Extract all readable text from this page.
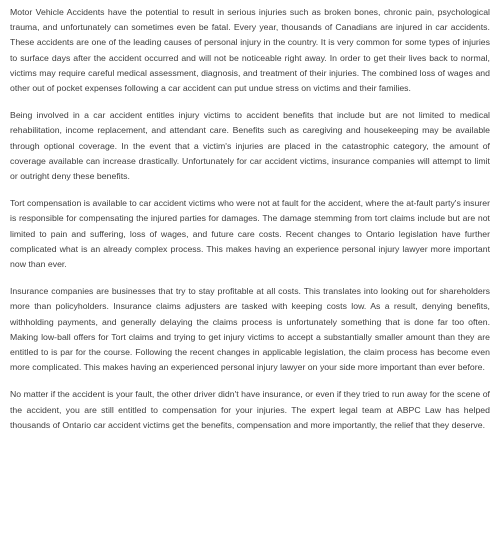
Motor Vehicle Accidents have the potential to result in serious injuries such as broken bones, chronic pain, psychological trauma, and unfortunately can sometimes even be fatal. Every year, thousands of Canadians are injured in car accidents. These accidents are one of the leading causes of personal injury in the country. It is very common for some types of injuries to surface days after the accident occurred and will not be noticeable right away. In order to get their lives back to normal, victims may require careful medical assessment, diagnosis, and treatment of their injuries. The combined loss of wages and other out of pocket expenses following a car accident can put undue stress on victims and their families.

Being involved in a car accident entitles injury victims to accident benefits that include but are not limited to medical rehabilitation, income replacement, and attendant care. Benefits such as caregiving and housekeeping may be available through optional coverage. In the event that a victim's injuries are placed in the catastrophic category, the amount of coverage available can increase drastically. Unfortunately for car accident victims, insurance companies will attempt to limit or outright deny these benefits.

Tort compensation is available to car accident victims who were not at fault for the accident, where the at-fault party's insurer is responsible for compensating the injured parties for damages. The damage stemming from tort claims include but are not limited to pain and suffering, loss of wages, and future care costs. Recent changes to Ontario legislation have further complicated what is an already complex process. This makes having an experience personal injury lawyer more important now than ever.

Insurance companies are businesses that try to stay profitable at all costs. This translates into looking out for shareholders more than policyholders. Insurance claims adjusters are tasked with keeping costs low. As a result, denying benefits, withholding payments, and generally delaying the claims process is unfortunately something that is done far too often. Making low-ball offers for Tort claims and trying to get injury victims to accept a substantially smaller amount than they are entitled to is par for the course. Following the recent changes in applicable legislation, the claim process has become even more complicated. This makes having an experienced personal injury lawyer on your side more important than ever before.

No matter if the accident is your fault, the other driver didn't have insurance, or even if they tried to run away for the scene of the accident, you are still entitled to compensation for your injuries. The expert legal team at ABPC Law has helped thousands of Ontario car accident victims get the benefits, compensation and more importantly, the relief that they deserve.
